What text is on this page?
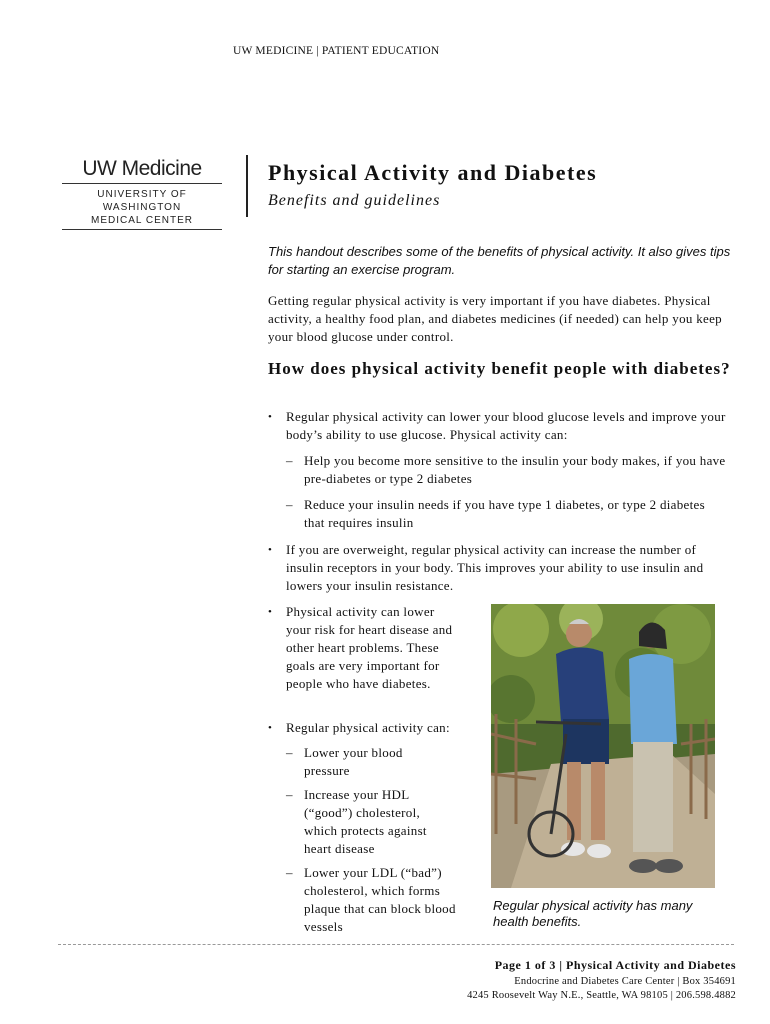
UW MEDICINE | PATIENT EDUCATION
UW Medicine
UNIVERSITY OF WASHINGTON
MEDICAL CENTER
Physical Activity and Diabetes
Benefits and guidelines
This handout describes some of the benefits of physical activity. It also gives tips for starting an exercise program.
Getting regular physical activity is very important if you have diabetes. Physical activity, a healthy food plan, and diabetes medicines (if needed) can help you keep your blood glucose under control.
How does physical activity benefit people with diabetes?
• Regular physical activity can lower your blood glucose levels and improve your body’s ability to use glucose. Physical activity can:
– Help you become more sensitive to the insulin your body makes, if you have pre-diabetes or type 2 diabetes
– Reduce your insulin needs if you have type 1 diabetes, or type 2 diabetes that requires insulin
• If you are overweight, regular physical activity can increase the number of insulin receptors in your body. This improves your ability to use insulin and lowers your insulin resistance.
• Physical activity can lower your risk for heart disease and other heart problems. These goals are very important for people who have diabetes.
• Regular physical activity can:
– Lower your blood pressure
– Increase your HDL (“good”) cholesterol, which protects against heart disease
– Lower your LDL (“bad”) cholesterol, which forms plaque that can block blood vessels
Regular physical activity has many health benefits.
Page 1 of 3 | Physical Activity and Diabetes
Endocrine and Diabetes Care Center | Box 354691
4245 Roosevelt Way N.E., Seattle, WA 98105 | 206.598.4882
